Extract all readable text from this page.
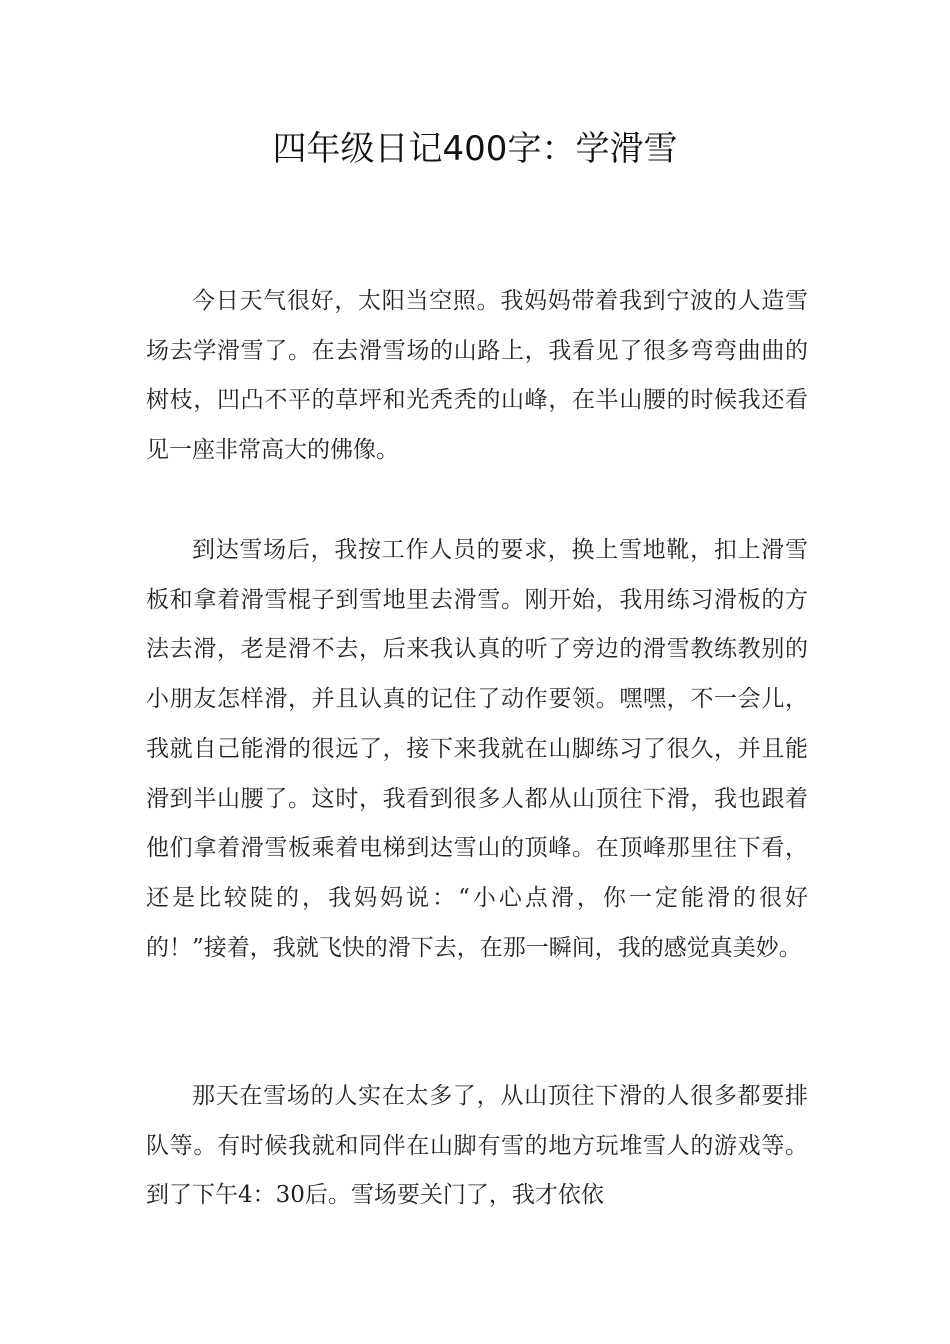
四年级日记400字：学滑雪

今日天气很好，太阳当空照。我妈妈带着我到宁波的人造雪场去学滑雪了。在去滑雪场的山路上，我看见了很多弯弯曲曲的树枝，凹凸不平的草坪和光秃秃的山峰，在半山腰的时候我还看见一座非常高大的佛像。

到达雪场后，我按工作人员的要求，换上雪地靴，扣上滑雪板和拿着滑雪棍子到雪地里去滑雪。刚开始，我用练习滑板的方法去滑，老是滑不去，后来我认真的听了旁边的滑雪教练教别的小朋友怎样滑，并且认真的记住了动作要领。嘿嘿，不一会儿，我就自己能滑的很远了，接下来我就在山脚练习了很久，并且能滑到半山腰了。这时，我看到很多人都从山顶往下滑，我也跟着他们拿着滑雪板乘着电梯到达雪山的顶峰。在顶峰那里往下看，还是比较陡的，我妈妈说：“小心点滑，你一定能滑的很好的！”接着，我就飞快的滑下去，在那一瞬间，我的感觉真美妙。

那天在雪场的人实在太多了，从山顶往下滑的人很多都要排队等。有时候我就和同伴在山脚有雪的地方玩堆雪人的游戏等。到了下午4：30后。雪场要关门了，我才依依
